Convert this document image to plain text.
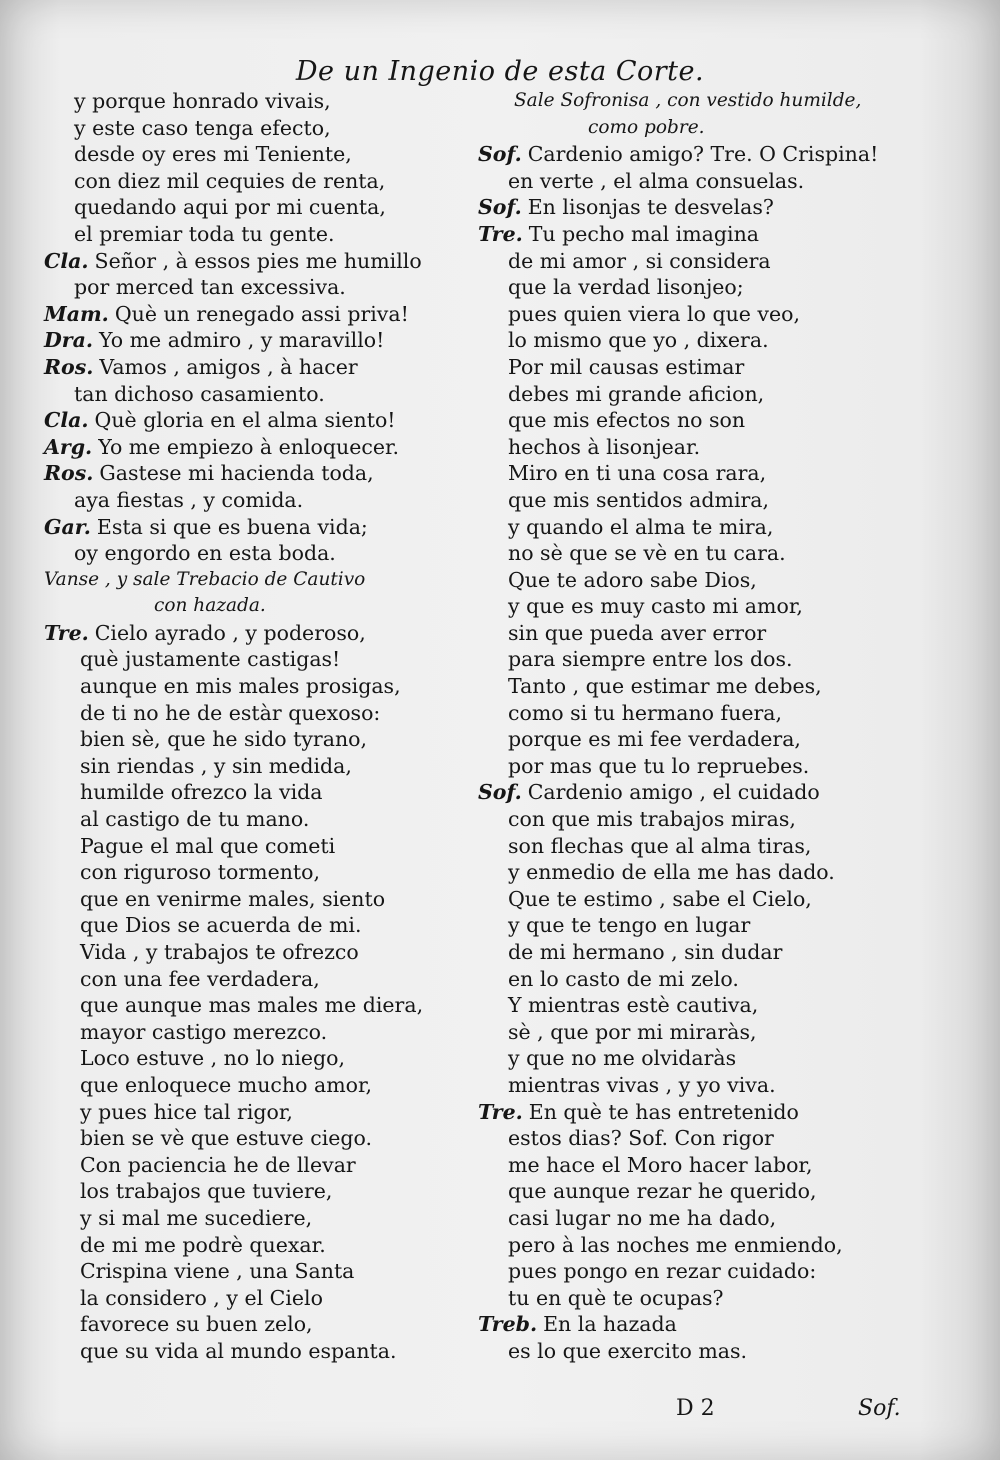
De un Ingenio de esta Corte.
y porque honrado vivais,
y este caso tenga efecto,
desde oy eres mi Teniente,
con diez mil cequies de renta,
quedando aqui por mi cuenta,
el premiar toda tu gente.
Cla. Señor , à essos pies me humillo
por merced tan excessiva.
Mam. Què un renegado assi priva!
Dra. Yo me admiro , y maravillo!
Ros. Vamos , amigos , à hacer
tan dichoso casamiento.
Cla. Què gloria en el alma siento!
Arg. Yo me empiezo à enloquecer.
Ros. Gastese mi hacienda toda,
aya fiestas , y comida.
Gar. Esta si que es buena vida;
oy engordo en esta boda.
Vanse , y sale Trebacio de Cautivo
con hazada.
Tre. Cielo ayrado , y poderoso,
què justamente castigas!
aunque en mis males prosigas,
de ti no he de estàr quexoso:
bien sè, que he sido tyrano,
sin riendas , y sin medida,
humilde ofrezco la vida
al castigo de tu mano.
Pague el mal que cometi
con riguroso tormento,
que en venirme males, siento
que Dios se acuerda de mi.
Vida , y trabajos te ofrezco
con una fee verdadera,
que aunque mas males me diera,
mayor castigo merezco.
Loco estuve , no lo niego,
que enloquece mucho amor,
y pues hice tal rigor,
bien se vè que estuve ciego.
Con paciencia he de llevar
los trabajos que tuviere,
y si mal me sucediere,
de mi me podrè quexar.
Crispina viene , una Santa
la considero , y el Cielo
favorece su buen zelo,
que su vida al mundo espanta.
Sale Sofronisa , con vestido humilde,
como pobre.
Sof. Cardenio amigo? Tre. O Crispina!
en verte , el alma consuelas.
Sof. En lisonjas te desvelas?
Tre. Tu pecho mal imagina
de mi amor , si considera
que la verdad lisonjeo;
pues quien viera lo que veo,
lo mismo que yo , dixera.
Por mil causas estimar
debes mi grande aficion,
que mis efectos no son
hechos à lisonjear.
Miro en ti una cosa rara,
que mis sentidos admira,
y quando el alma te mira,
no sè que se vè en tu cara.
Que te adoro sabe Dios,
y que es muy casto mi amor,
sin que pueda aver error
para siempre entre los dos.
Tanto , que estimar me debes,
como si tu hermano fuera,
porque es mi fee verdadera,
por mas que tu lo repruebes.
Sof. Cardenio amigo , el cuidado
con que mis trabajos miras,
son flechas que al alma tiras,
y enmedio de ella me has dado.
Que te estimo , sabe el Cielo,
y que te tengo en lugar
de mi hermano , sin dudar
en lo casto de mi zelo.
Y mientras estè cautiva,
sè , que por mi miraràs,
y que no me olvidaràs
mientras vivas , y yo viva.
Tre. En què te has entretenido
estos dias? Sof. Con rigor
me hace el Moro hacer labor,
que aunque rezar he querido,
casi lugar no me ha dado,
pero à las noches me enmiendo,
pues pongo en rezar cuidado:
tu en què te ocupas?
Treb. En la hazada
es lo que exercito mas.
D 2	Sof.
